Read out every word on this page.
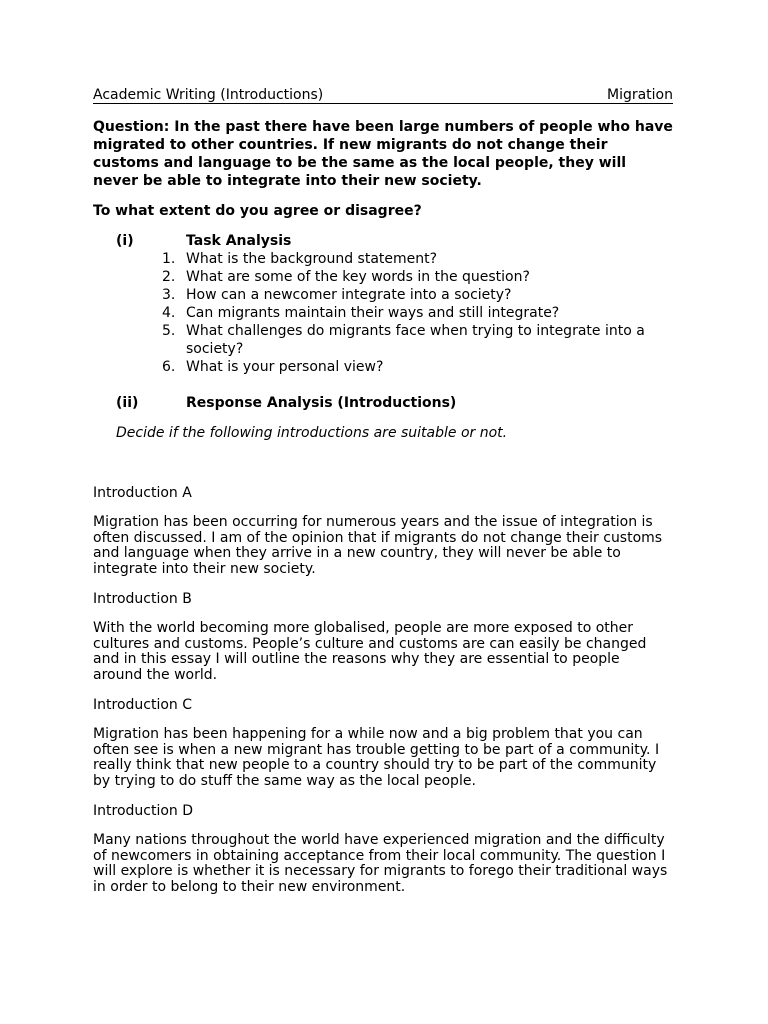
Academic Writing (Introductions)	Migration
Question: In the past there have been large numbers of people who have migrated to other countries. If new migrants do not change their customs and language to be the same as the local people, they will never be able to integrate into their new society.
To what extent do you agree or disagree?
(i)	Task Analysis
1. What is the background statement?
2. What are some of the key words in the question?
3. How can a newcomer integrate into a society?
4. Can migrants maintain their ways and still integrate?
5. What challenges do migrants face when trying to integrate into a society?
6. What is your personal view?
(ii)	Response Analysis (Introductions)
Decide if the following introductions are suitable or not.
Introduction A
Migration has been occurring for numerous years and the issue of integration is often discussed. I am of the opinion that if migrants do not change their customs and language when they arrive in a new country, they will never be able to integrate into their new society.
Introduction B
With the world becoming more globalised, people are more exposed to other cultures and customs. People’s culture and customs are can easily be changed and in this essay I will outline the reasons why they are essential to people around the world.
Introduction C
Migration has been happening for a while now and a big problem that you can often see is when a new migrant has trouble getting to be part of a community. I really think that new people to a country should try to be part of the community by trying to do stuff the same way as the local people.
Introduction D
Many nations throughout the world have experienced migration and the difficulty of newcomers in obtaining acceptance from their local community. The question I will explore is whether it is necessary for migrants to forego their traditional ways in order to belong to their new environment.
